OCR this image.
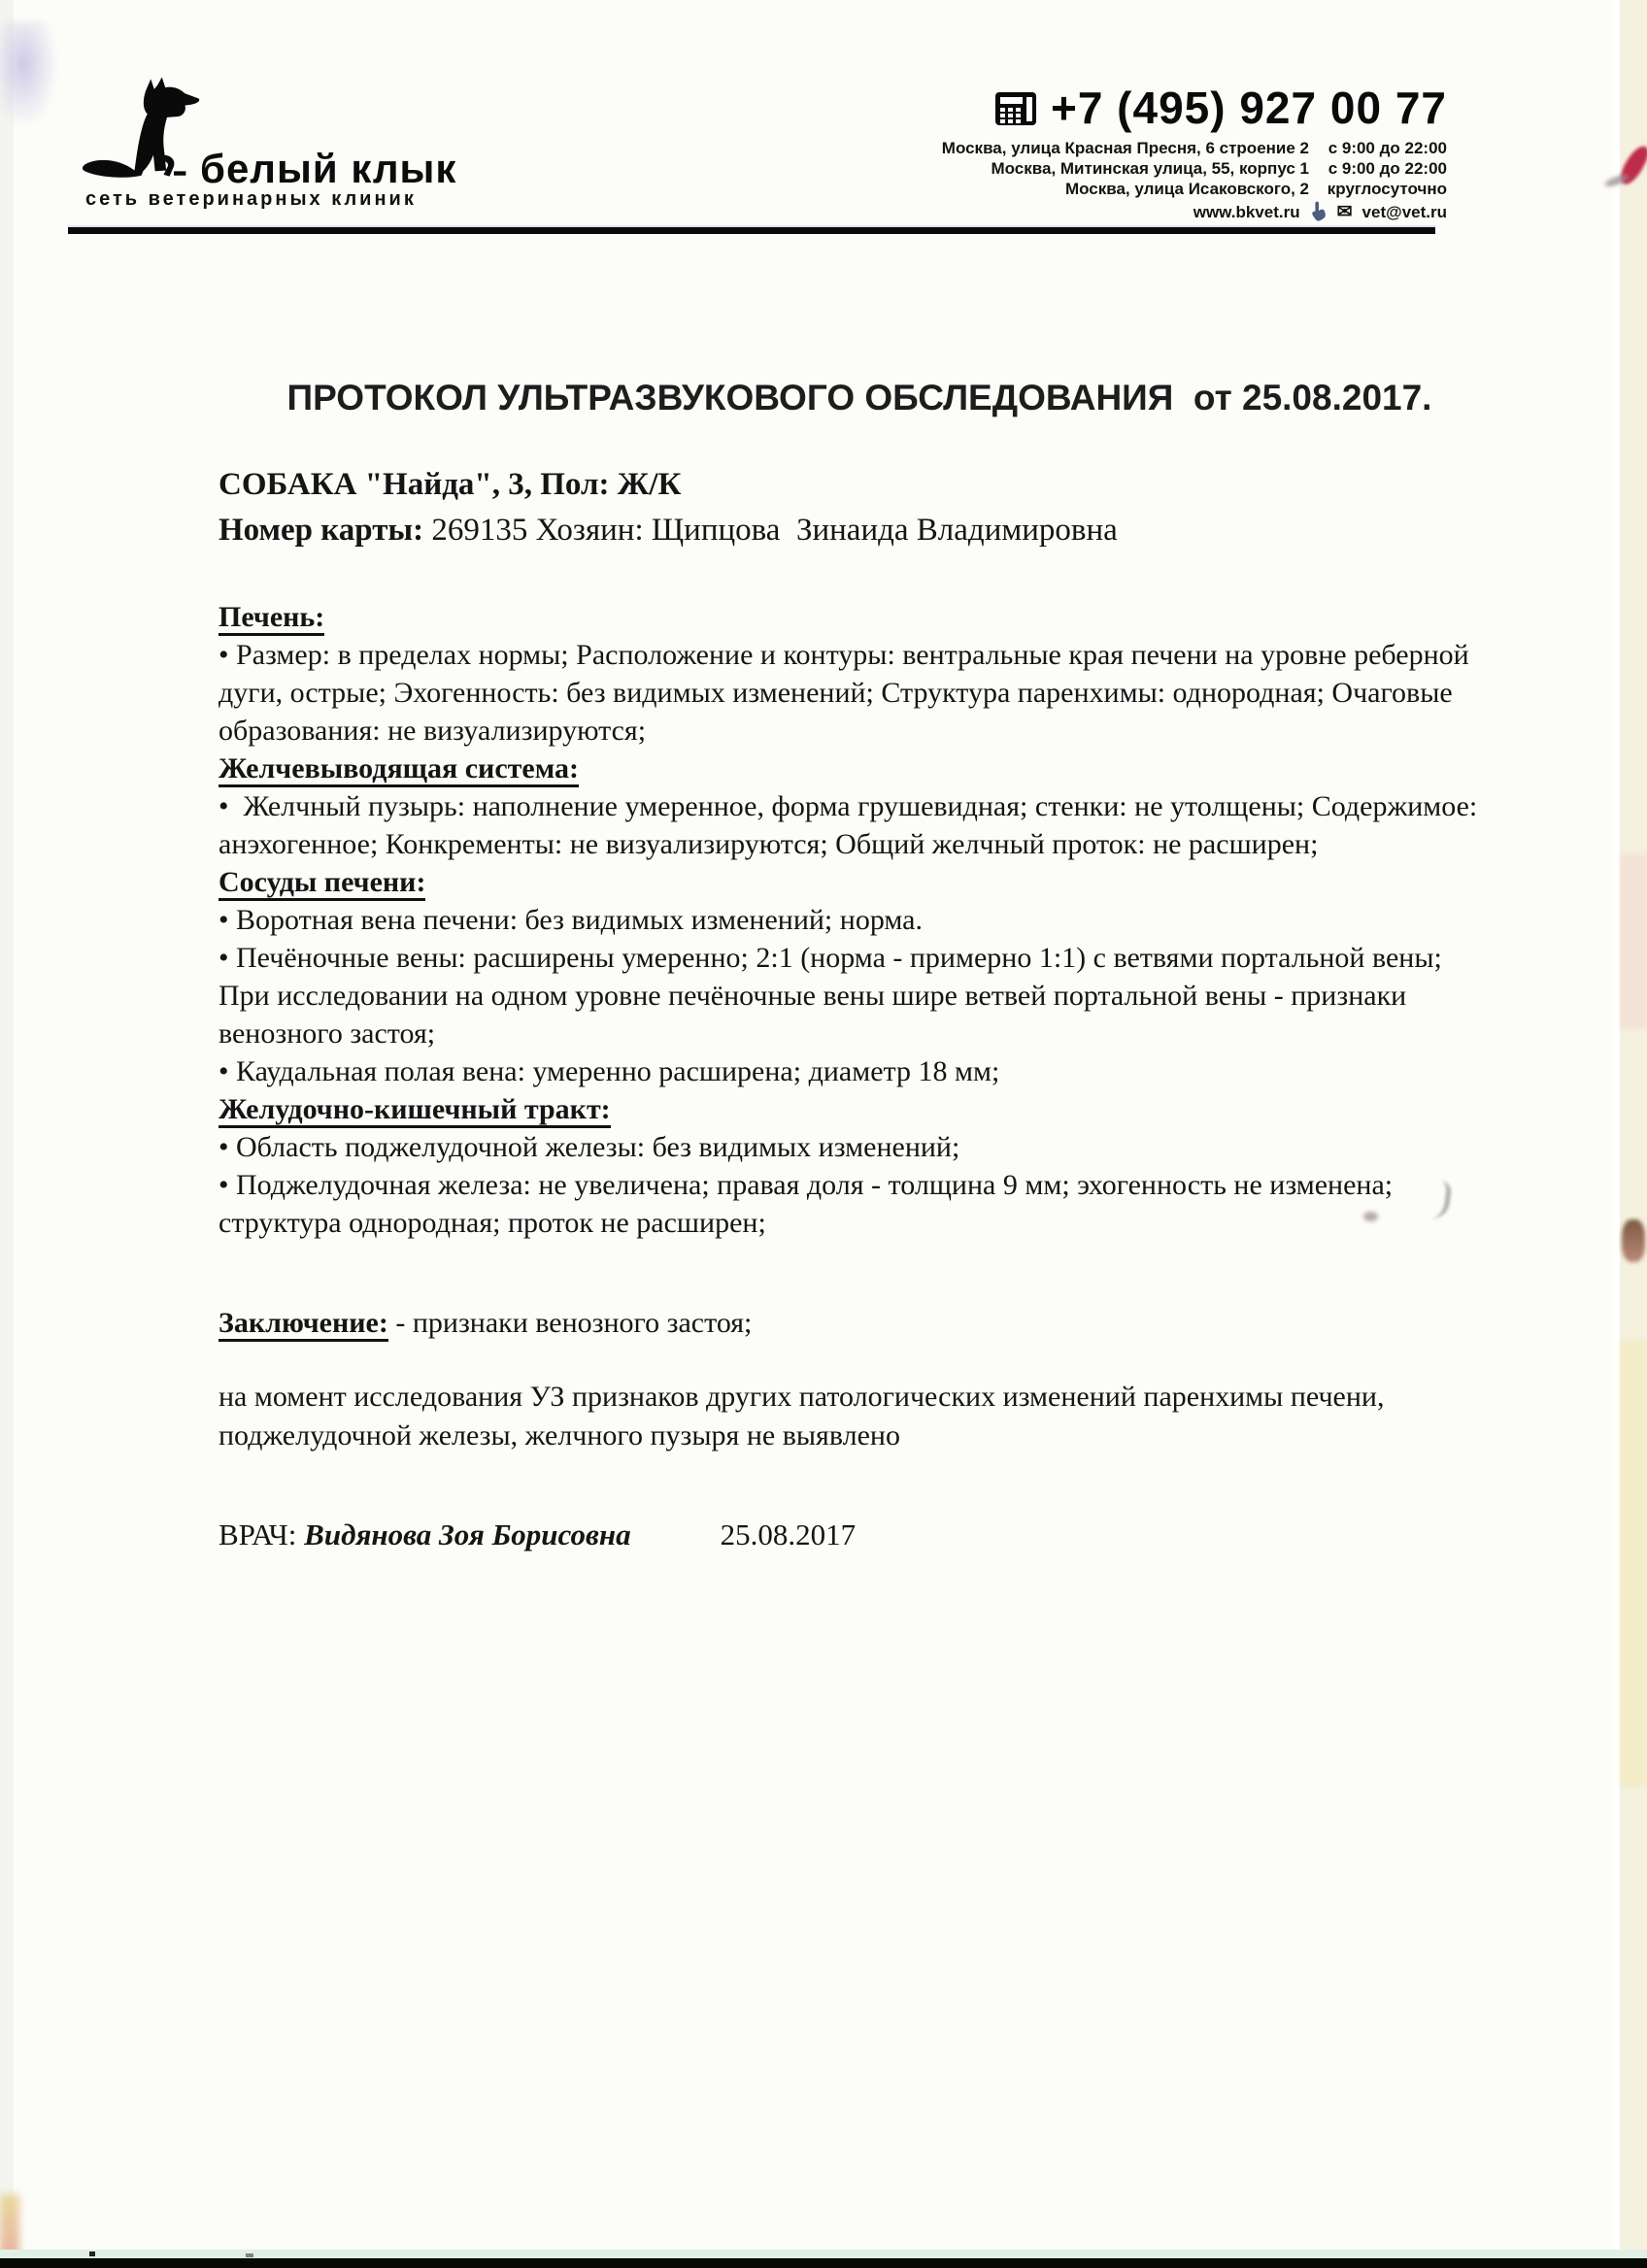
белый клык
сеть ветеринарных клиник
+7 (495) 927 00 77
Москва, улица Красная Пресня, 6 строение 2	с 9:00 до 22:00
Москва, Митинская улица, 55, корпус 1	с 9:00 до 22:00
Москва, улица Исаковского, 2 круглосуточно
www.bkvet.ru ✉ vet@vet.ru
ПРОТОКОЛ УЛЬТРАЗВУКОВОГО ОБСЛЕДОВАНИЯ  от 25.08.2017.
СОБАКА "Найда", 3, Пол: Ж/К
Номер карты: 269135 Хозяин: Щипцова  Зинаида Владимировна
Печень:

• Размер: в пределах нормы; Расположение и контуры: вентральные края печени на уровне реберной дуги, острые; Эхогенность: без видимых изменений; Структура паренхимы: однородная; Очаговые образования: не визуализируются;

Желчевыводящая система:

•  Желчный пузырь: наполнение умеренное, форма грушевидная; стенки: не утолщены; Содержимое: анэхогенное; Конкременты: не визуализируются; Общий желчный проток: не расширен;

Сосуды печени:

• Воротная вена печени: без видимых изменений; норма.

• Печёночные вены: расширены умеренно; 2:1 (норма - примерно 1:1) с ветвями портальной вены; При исследовании на одном уровне печёночные вены шире ветвей портальной вены - признаки венозного застоя;

• Каудальная полая вена: умеренно расширена; диаметр 18 мм;

Желудочно-кишечный тракт:

• Область поджелудочной железы: без видимых изменений;

• Поджелудочная железа: не увеличена; правая доля - толщина 9 мм; эхогенность не изменена; структура однородная; проток не расширен;

Заключение: - признаки венозного застоя;

на момент исследования УЗ признаков других патологических изменений паренхимы печени, поджелудочной железы, желчного пузыря не выявлено

ВРАЧ: Видянова Зоя Борисовна	25.08.2017
